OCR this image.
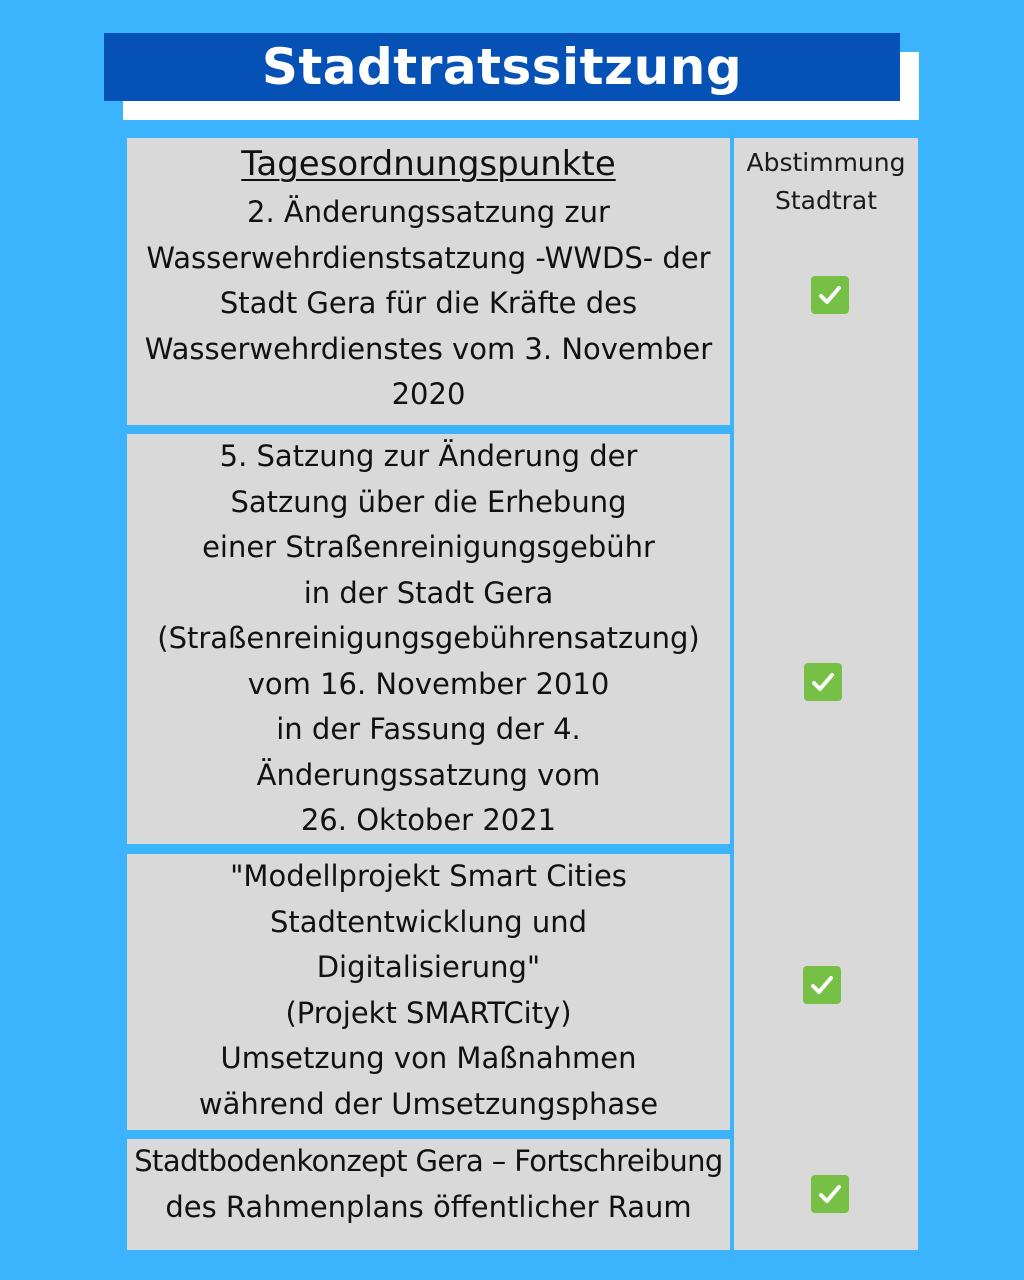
Stadtratssitzung
Tagesordnungspunkte
2. Änderungssatzung zur
Wasserwehrdienstsatzung -WWDS- der
Stadt Gera für die Kräfte des
Wasserwehrdienstes vom 3. November
2020
5. Satzung zur Änderung der
Satzung über die Erhebung
einer Straßenreinigungsgebühr
in der Stadt Gera
(Straßenreinigungsgebührensatzung)
vom 16. November 2010
in der Fassung der 4.
Änderungssatzung vom
26. Oktober 2021
"Modellprojekt Smart Cities
Stadtentwicklung und
Digitalisierung"
(Projekt SMARTCity)
Umsetzung von Maßnahmen
während der Umsetzungsphase
Stadtbodenkonzept Gera – Fortschreibung
des Rahmenplans öffentlicher Raum
Abstimmung
Stadtrat
